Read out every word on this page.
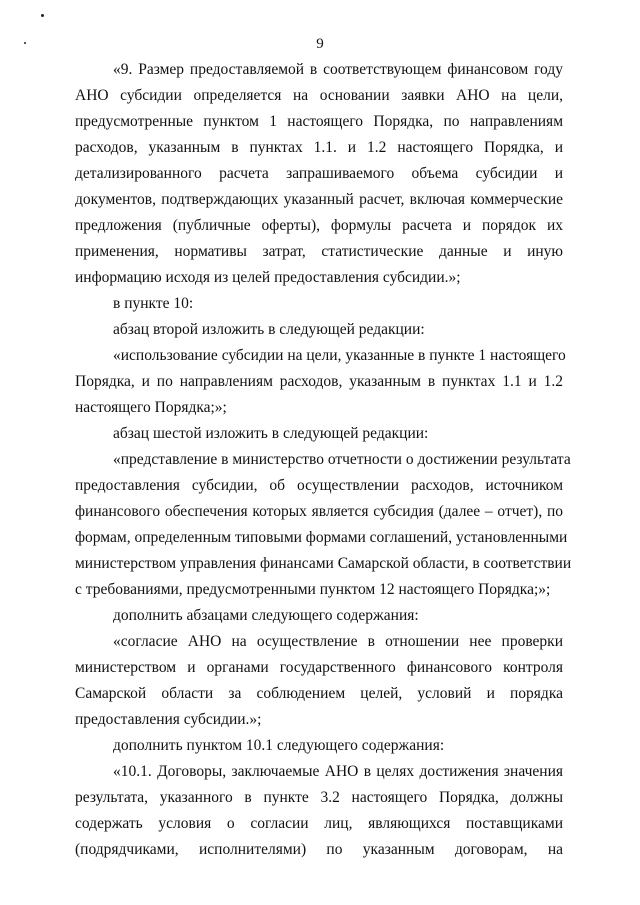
9
«9. Размер предоставляемой в соответствующем финансовом году
АНО субсидии определяется на основании заявки АНО на цели,
предусмотренные пунктом 1 настоящего Порядка, по направлениям
расходов, указанным в пунктах 1.1. и 1.2 настоящего Порядка, и
детализированного расчета запрашиваемого объема субсидии и
документов, подтверждающих указанный расчет, включая коммерческие
предложения (публичные оферты), формулы расчета и порядок их
применения, нормативы затрат, статистические данные и иную
информацию исходя из целей предоставления субсидии.»;
в пункте 10:
абзац второй изложить в следующей редакции:
«использование субсидии на цели, указанные в пункте 1 настоящего
Порядка, и по направлениям расходов, указанным в пунктах 1.1 и 1.2
настоящего Порядка;»;
абзац шестой изложить в следующей редакции:
«представление в министерство отчетности о достижении результата
предоставления субсидии, об осуществлении расходов, источником
финансового обеспечения которых является субсидия (далее – отчет), по
формам, определенным типовыми формами соглашений, установленными
министерством управления финансами Самарской области, в соответствии
с требованиями, предусмотренными пунктом 12 настоящего Порядка;»;
дополнить абзацами следующего содержания:
«согласие АНО на осуществление в отношении нее проверки
министерством и органами государственного финансового контроля
Самарской области за соблюдением целей, условий и порядка
предоставления субсидии.»;
дополнить пунктом 10.1 следующего содержания:
«10.1. Договоры, заключаемые АНО в целях достижения значения
результата, указанного в пункте 3.2 настоящего Порядка, должны
содержать условия о согласии лиц, являющихся поставщиками
(подрядчиками, исполнителями) по указанным договорам, на
